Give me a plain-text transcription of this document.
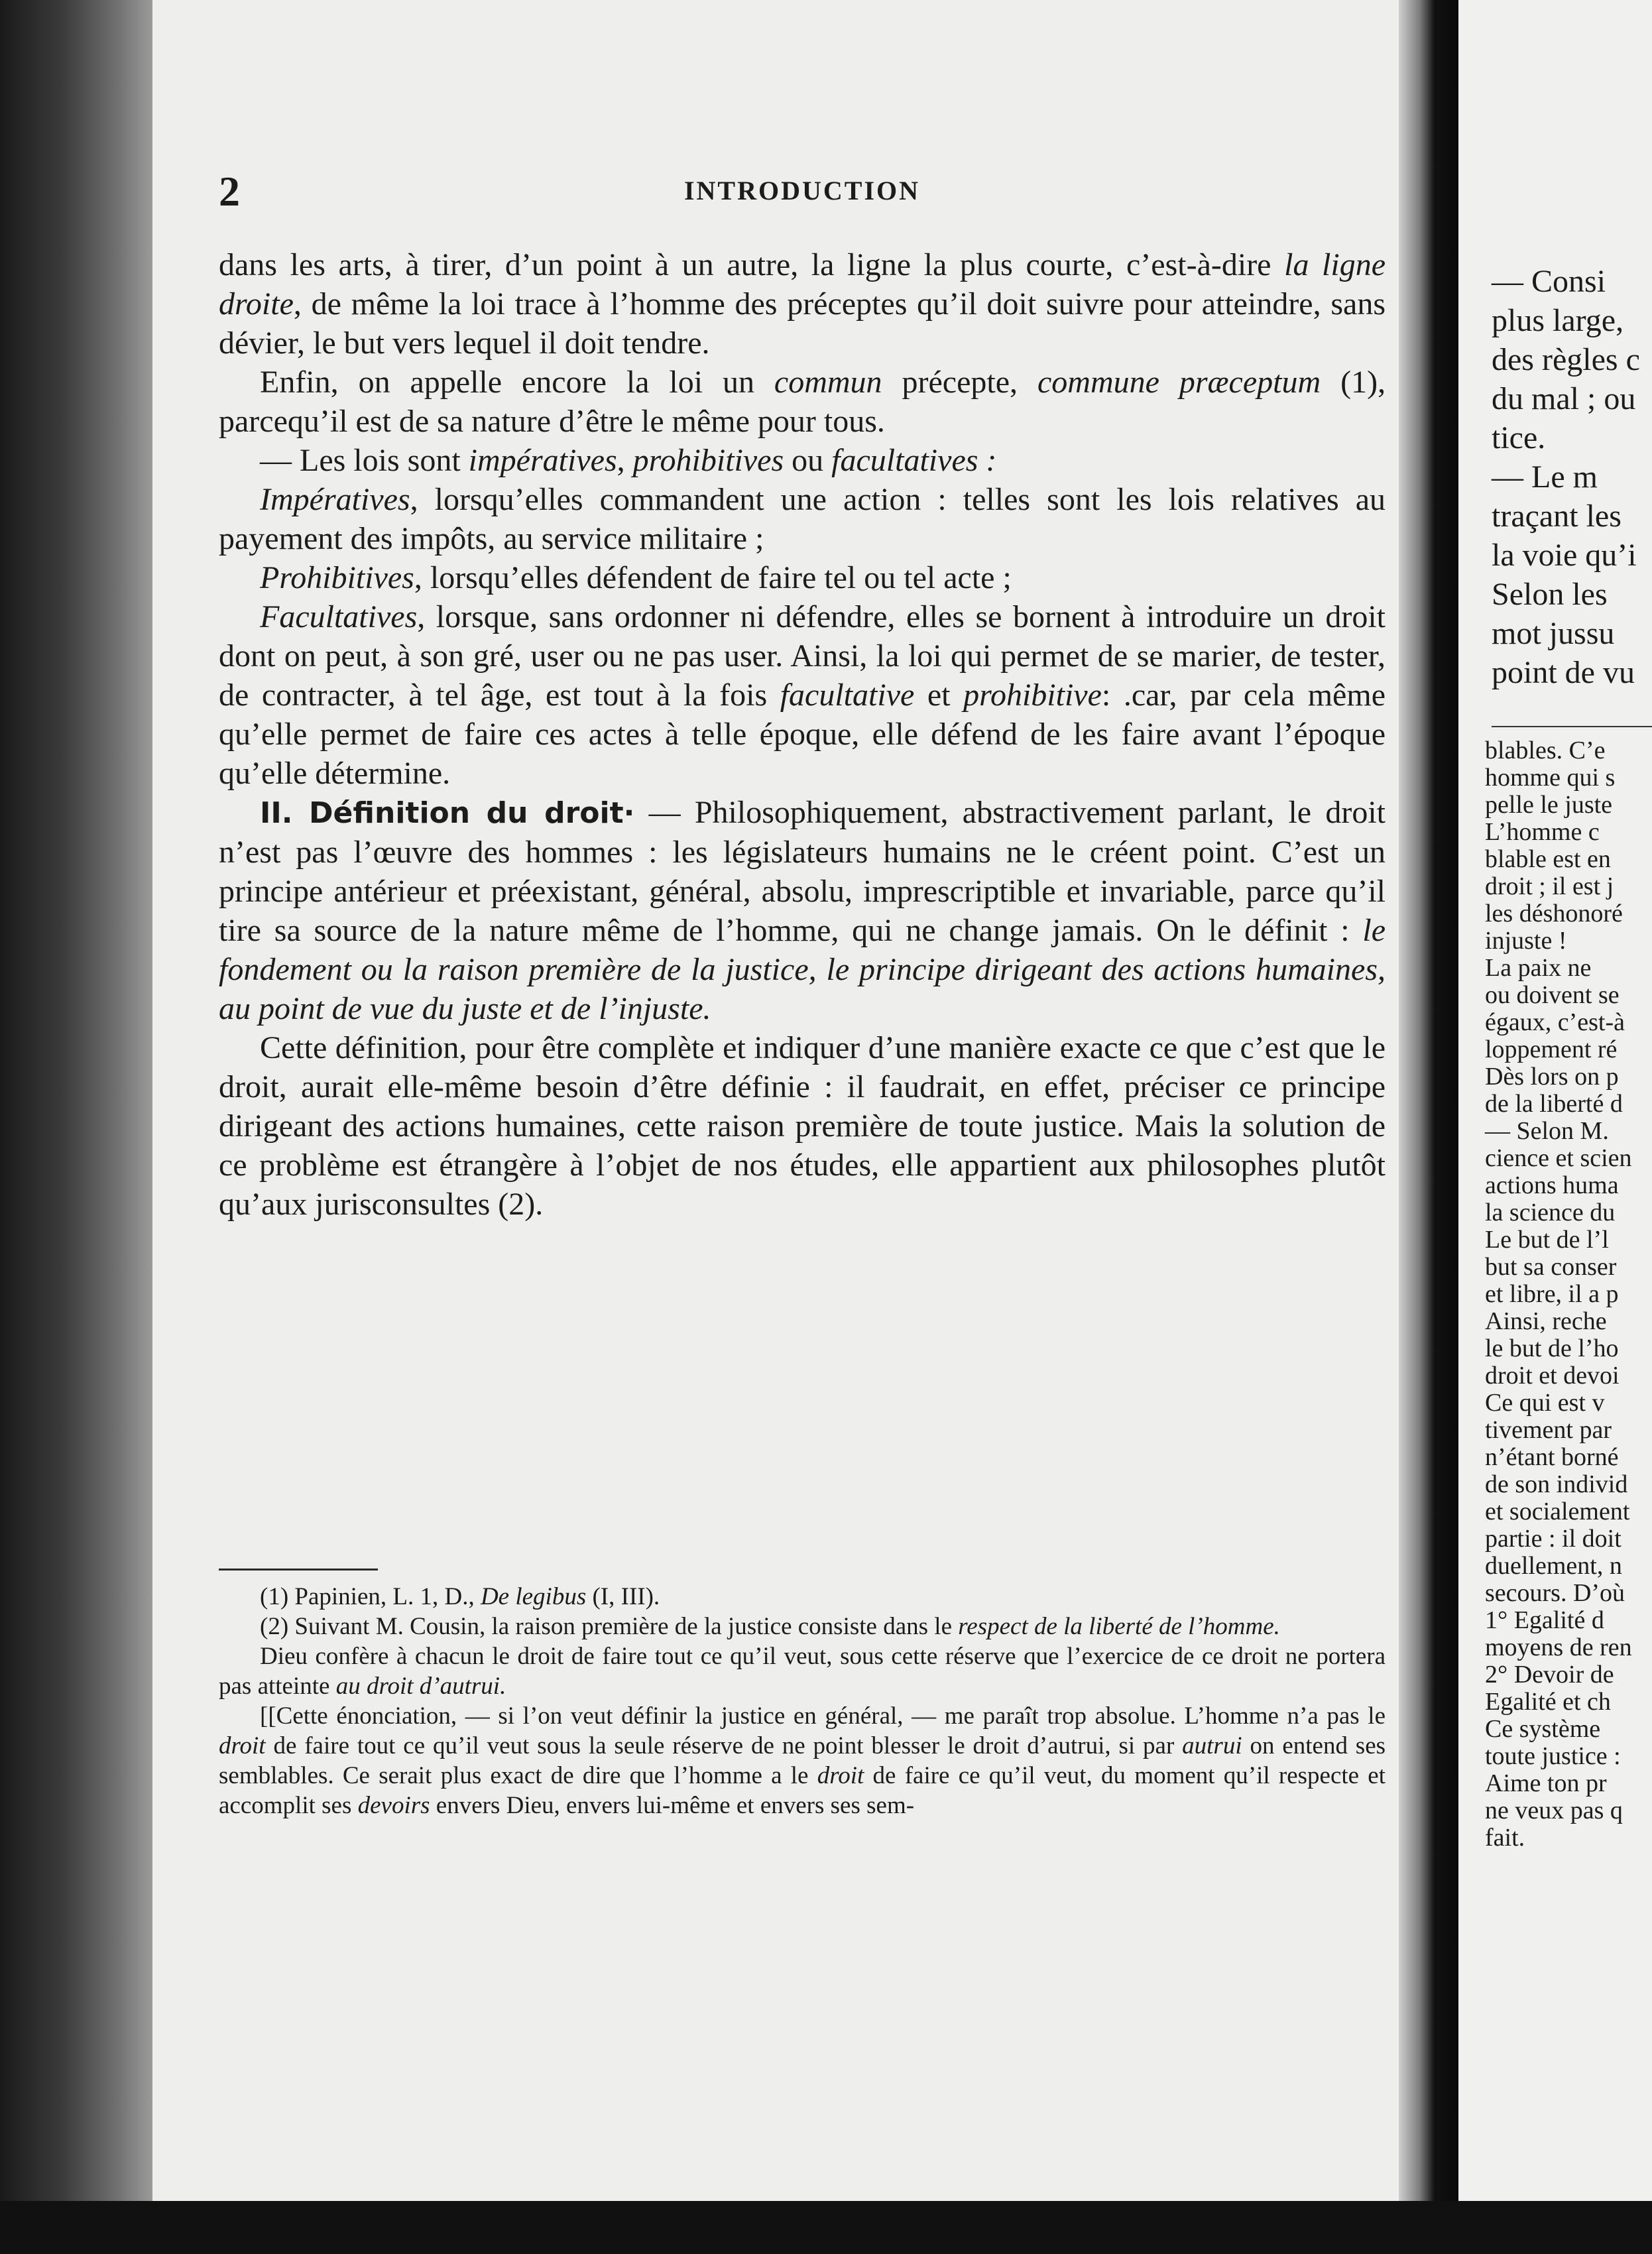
2	INTRODUCTION

dans les arts, à tirer, d’un point à un autre, la ligne la plus courte, c’est-à-dire la ligne droite, de même la loi trace à l’homme des préceptes qu’il doit suivre pour atteindre, sans dévier, le but vers lequel il doit tendre.

Enfin, on appelle encore la loi un commun précepte, commune præceptum (1), parcequ’il est de sa nature d’être le même pour tous.

— Les lois sont impératives, prohibitives ou facultatives :

Impératives, lorsqu’elles commandent une action : telles sont les lois relatives au payement des impôts, au service militaire ;

Prohibitives, lorsqu’elles défendent de faire tel ou tel acte ;

Facultatives, lorsque, sans ordonner ni défendre, elles se bornent à introduire un droit dont on peut, à son gré, user ou ne pas user. Ainsi, la loi qui permet de se marier, de tester, de contracter, à tel âge, est tout à la fois facultative et prohibitive: .car, par cela même qu’elle permet de faire ces actes à telle époque, elle défend de les faire avant l’époque qu’elle détermine.

II. Définition du droit· — Philosophiquement, abstractivement parlant, le droit n’est pas l’œuvre des hommes : les législateurs humains ne le créent point. C’est un principe antérieur et préexistant, général, absolu, imprescriptible et invariable, parce qu’il tire sa source de la nature même de l’homme, qui ne change jamais. On le définit : le fondement ou la raison première de la justice, le principe dirigeant des actions humaines, au point de vue du juste et de l’injuste.

Cette définition, pour être complète et indiquer d’une manière exacte ce que c’est que le droit, aurait elle-même besoin d’être définie : il faudrait, en effet, préciser ce principe dirigeant des actions humaines, cette raison première de toute justice. Mais la solution de ce problème est étrangère à l’objet de nos études, elle appartient aux philosophes plutôt qu’aux jurisconsultes (2).

(1) Papinien, L. 1, D., De legibus (I, III).

(2) Suivant M. Cousin, la raison première de la justice consiste dans le respect de la liberté de l’homme.

Dieu confère à chacun le droit de faire tout ce qu’il veut, sous cette réserve que l’exercice de ce droit ne portera pas atteinte au droit d’autrui.

[[Cette énonciation, — si l’on veut définir la justice en général, — me paraît trop absolue. L’homme n’a pas le droit de faire tout ce qu’il veut sous la seule réserve de ne point blesser le droit d’autrui, si par autrui on entend ses semblables. Ce serait plus exact de dire que l’homme a le droit de faire ce qu’il veut, du moment qu’il respecte et accomplit ses devoirs envers Dieu, envers lui-même et envers ses sem-

— Consi
plus large,
des règles c
du mal ; ou
tice.
— Le m
traçant les
la voie qu’i
Selon les
mot jussu
point de vu
blables. C’e
homme qui s
pelle le juste
L’homme c
blable est en
droit ; il est j
les déshonoré
injuste !
La paix ne
ou doivent se
égaux, c’est-à
loppement ré
Dès lors on p
de la liberté d
— Selon M.
cience et scien
actions huma
la science du
Le but de l’l
but sa conser
et libre, il a p
Ainsi, reche
le but de l’ho
droit et devoi
Ce qui est v
tivement par
n’étant borné
de son individ
et socialement
partie : il doit
duellement, n
secours. D’où
1° Egalité d
moyens de ren
2° Devoir de
Egalité et ch
Ce système
toute justice :
Aime ton pr
ne veux pas q
fait.
